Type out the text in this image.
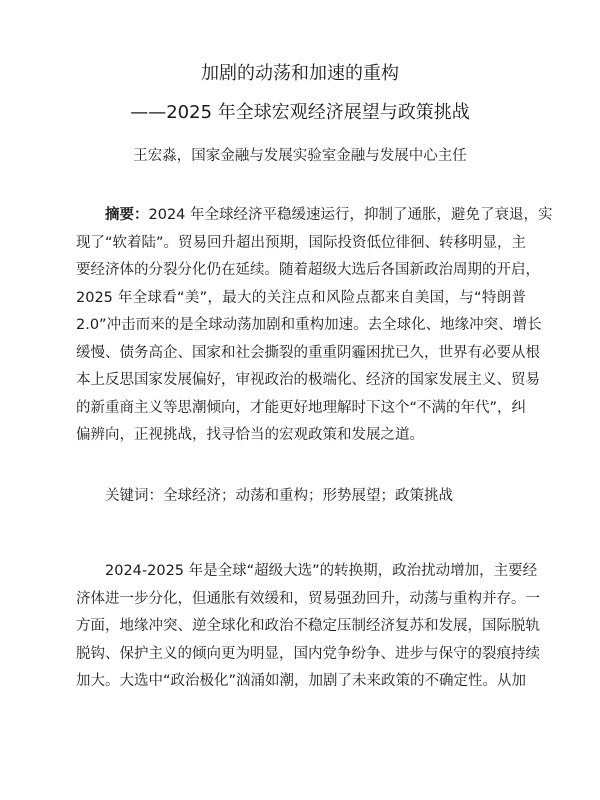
加剧的动荡和加速的重构
——2025 年全球宏观经济展望与政策挑战
王宏淼，国家金融与发展实验室金融与发展中心主任
摘要：2024 年全球经济平稳缓速运行，抑制了通胀，避免了衰退，实
现了“软着陆”。贸易回升超出预期，国际投资低位徘徊、转移明显，主
要经济体的分裂分化仍在延续。随着超级大选后各国新政治周期的开启，
2025 年全球看“美”，最大的关注点和风险点都来自美国，与“特朗普
2.0”冲击而来的是全球动荡加剧和重构加速。去全球化、地缘冲突、增长
缓慢、债务高企、国家和社会撕裂的重重阴霾困扰已久，世界有必要从根
本上反思国家发展偏好，审视政治的极端化、经济的国家发展主义、贸易
的新重商主义等思潮倾向，才能更好地理解时下这个“不满的年代”，纠
偏辨向，正视挑战，找寻恰当的宏观政策和发展之道。
关键词：全球经济；动荡和重构；形势展望；政策挑战
2024-2025 年是全球“超级大选”的转换期，政治扰动增加，主要经
济体进一步分化，但通胀有效缓和，贸易强劲回升，动荡与重构并存。一
方面，地缘冲突、逆全球化和政治不稳定压制经济复苏和发展，国际脱轨
脱钩、保护主义的倾向更为明显，国内党争纷争、进步与保守的裂痕持续
加大。大选中“政治极化”汹涌如潮，加剧了未来政策的不确定性。从加
